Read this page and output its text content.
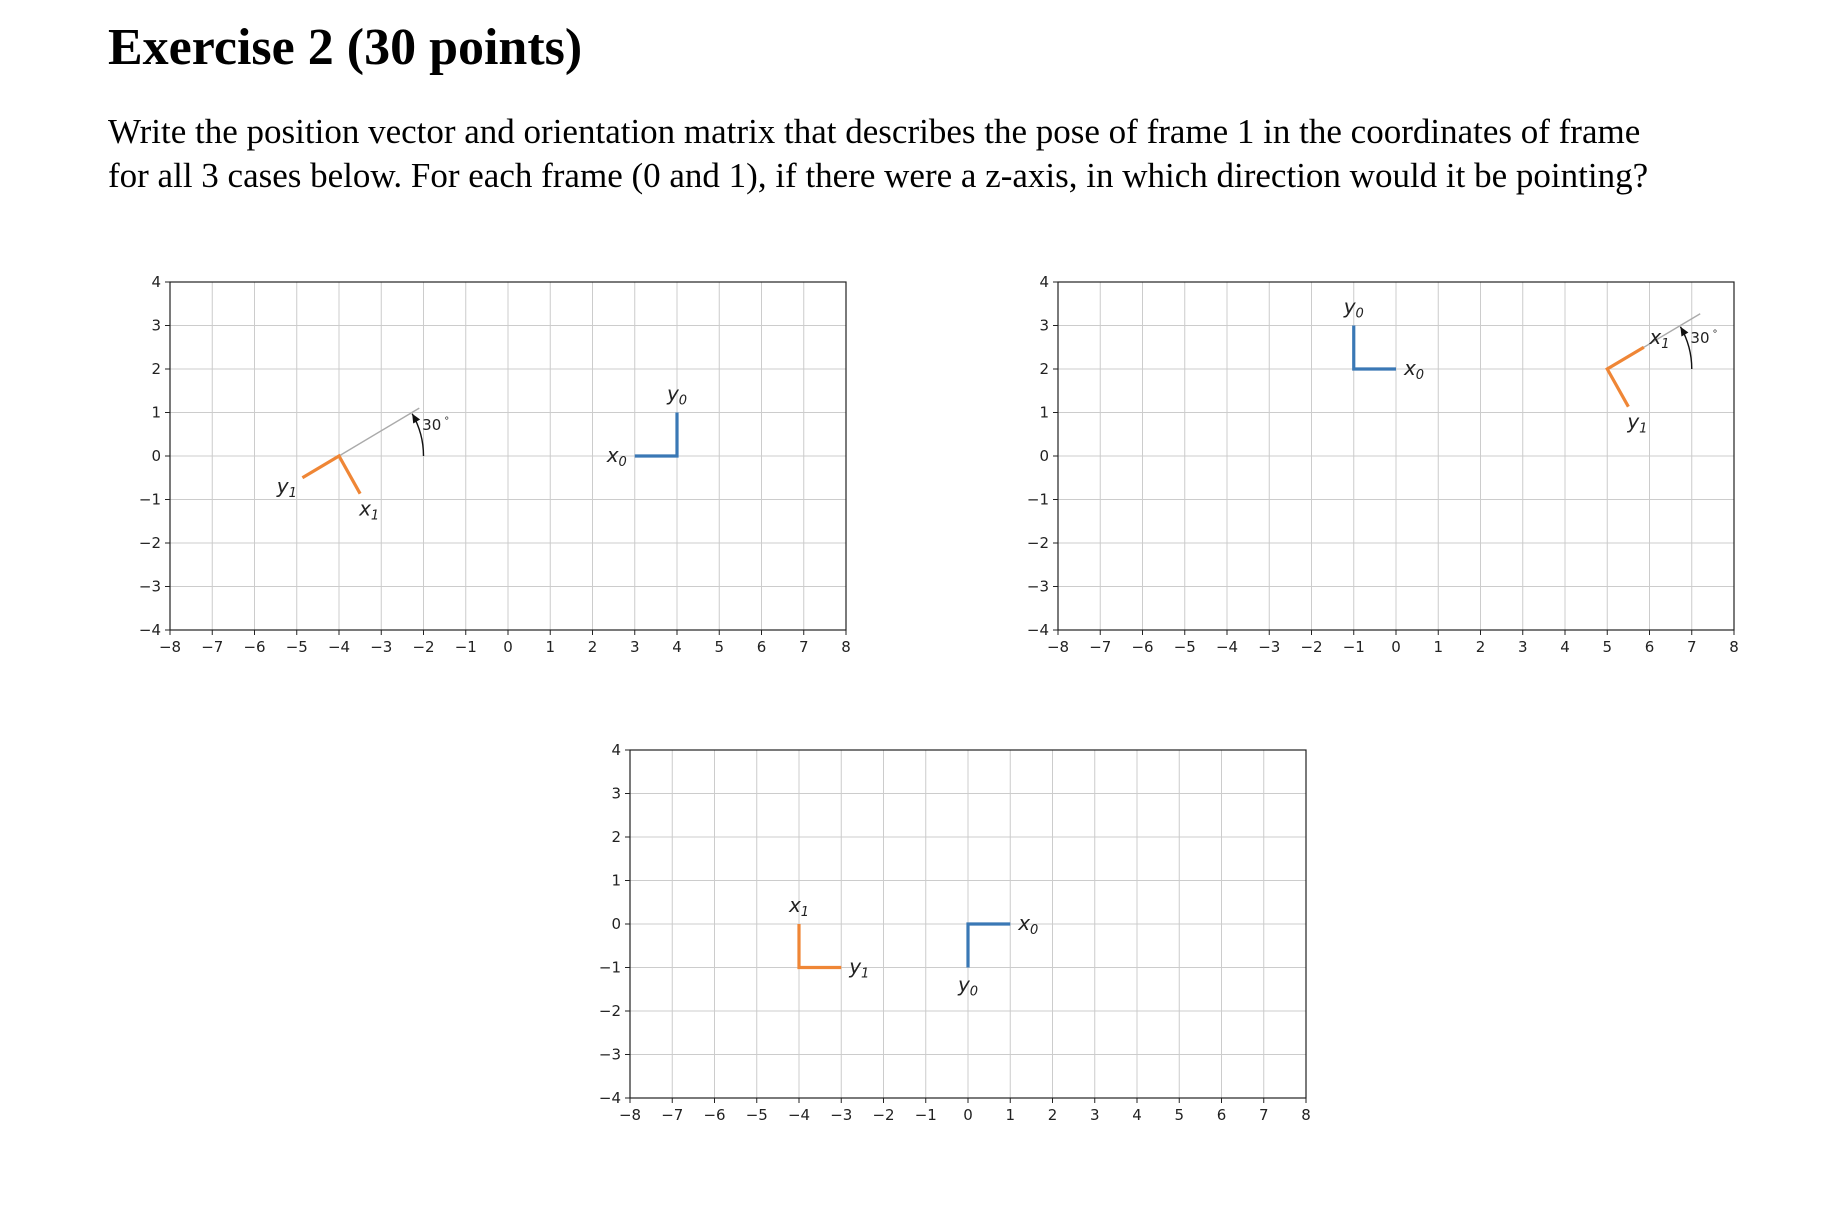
Exercise 2 (30 points)
Write the position vector and orientation matrix that describes the pose of frame 1 in the coordinates of frame
for all 3 cases below. For each frame (0 and 1), if there were a z-axis, in which direction would it be pointing?
−8 −7 −6 −5 −4 −3 −2 −1 0 1 2 3 4 5 6 7 8
−4
−3
−2
−1
0
1
2
3
4
$x_0$
$y_0$
$x_1$
$y_1$
30 °
−8 −7 −6 −5 −4 −3 −2 −1 0 1 2 3 4 5 6 7 8
−4
−3
−2
−1
0
1
2
3
4
$x_0$
$y_0$
$x_1$
$y_1$
30 °
−8 −7 −6 −5 −4 −3 −2 −1 0 1 2 3 4 5 6 7 8
−4
−3
−2
−1
0
1
2
3
4
$x_0$
$y_0$
$x_1$
$y_1$
